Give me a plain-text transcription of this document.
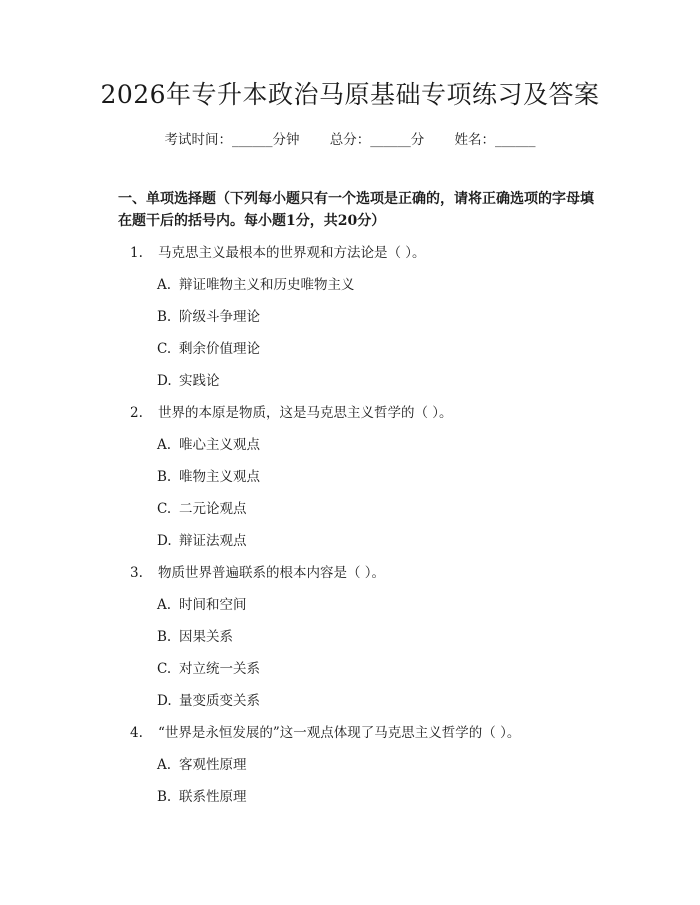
2026年专升本政治马原基础专项练习及答案
考试时间：______分钟 总分：______分 姓名：______
一、单项选择题（下列每小题只有一个选项是正确的，请将正确选项的字母填在题干后的括号内。每小题1分，共20分）
1. 马克思主义最根本的世界观和方法论是（ ）。
A. 辩证唯物主义和历史唯物主义
B. 阶级斗争理论
C. 剩余价值理论
D. 实践论
2. 世界的本原是物质，这是马克思主义哲学的（ ）。
A. 唯心主义观点
B. 唯物主义观点
C. 二元论观点
D. 辩证法观点
3. 物质世界普遍联系的根本内容是（ ）。
A. 时间和空间
B. 因果关系
C. 对立统一关系
D. 量变质变关系
4. “世界是永恒发展的”这一观点体现了马克思主义哲学的（ ）。
A. 客观性原理
B. 联系性原理
